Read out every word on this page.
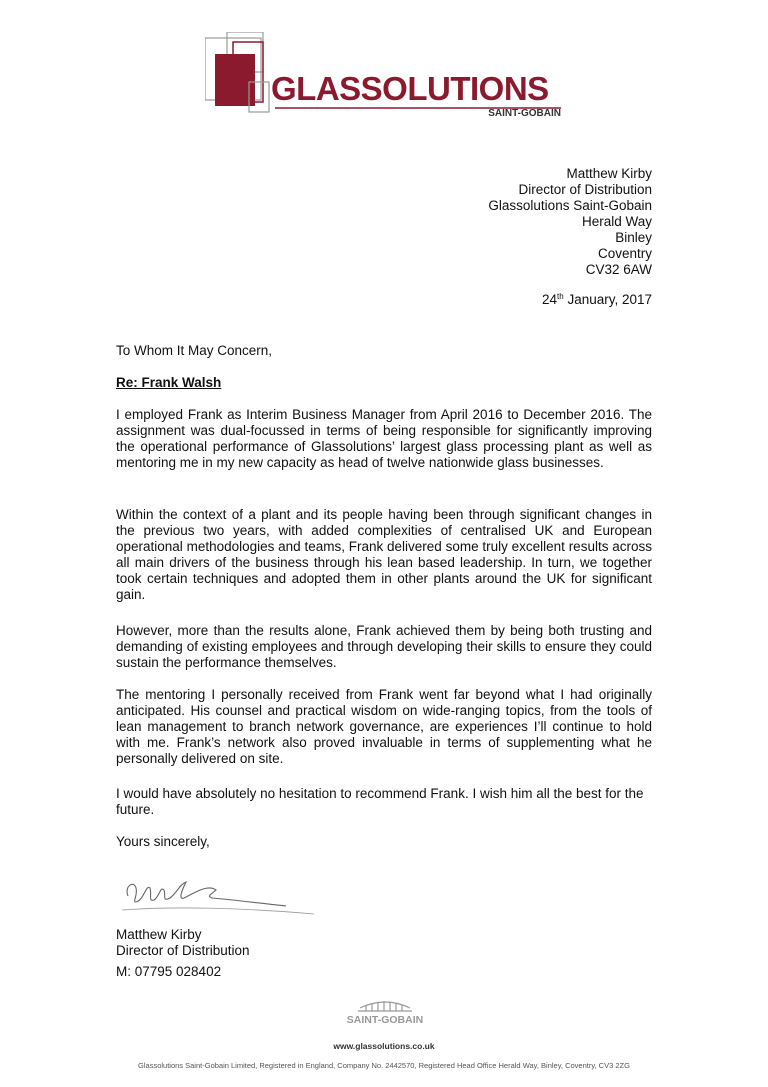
GLASSOLUTIONS
SAINT-GOBAIN
Matthew Kirby
Director of Distribution
Glassolutions Saint-Gobain
Herald Way
Binley
Coventry
CV32 6AW
24th January, 2017
To Whom It May Concern,
Re: Frank Walsh

I employed Frank as Interim Business Manager from April 2016 to December 2016. The assignment was dual-focussed in terms of being responsible for significantly improving the operational performance of Glassolutions’ largest glass processing plant as well as mentoring me in my new capacity as head of twelve nationwide glass businesses.

Within the context of a plant and its people having been through significant changes in the previous two years, with added complexities of centralised UK and European operational methodologies and teams, Frank delivered some truly excellent results across all main drivers of the business through his lean based leadership. In turn, we together took certain techniques and adopted them in other plants around the UK for significant gain.

However, more than the results alone, Frank achieved them by being both trusting and demanding of existing employees and through developing their skills to ensure they could sustain the performance themselves.

The mentoring I personally received from Frank went far beyond what I had originally anticipated. His counsel and practical wisdom on wide-ranging topics, from the tools of lean management to branch network governance, are experiences I’ll continue to hold with me. Frank’s network also proved invaluable in terms of supplementing what he personally delivered on site.

I would have absolutely no hesitation to recommend Frank. I wish him all the best for the future.

Yours sincerely,
Matthew Kirby
Director of Distribution
M: 07795 028402
SAINT-GOBAIN
www.glassolutions.co.uk
Glassolutions Saint-Gobain Limited, Registered in England, Company No. 2442570, Registered Head Office Herald Way, Binley, Coventry, CV3 2ZG
